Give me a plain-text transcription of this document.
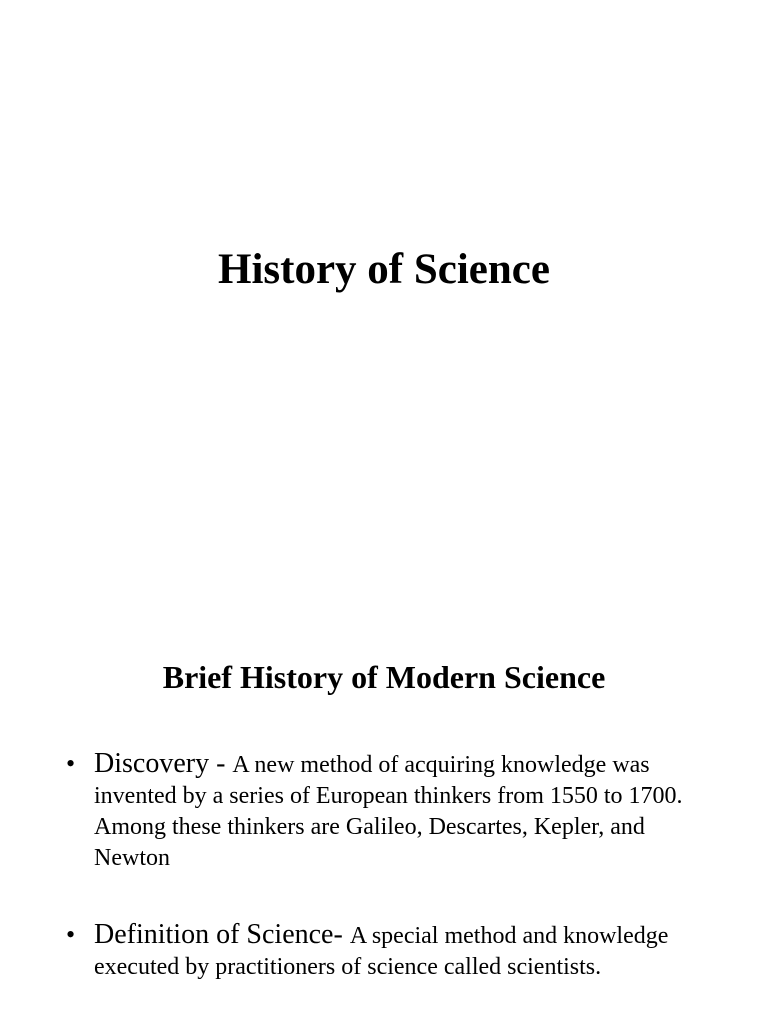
History of Science
Brief History of Modern Science
• Discovery - A new method of acquiring knowledge was invented by a series of European thinkers from 1550 to 1700. Among these thinkers are Galileo, Descartes, Kepler, and Newton
• Definition of Science- A special method and knowledge executed by practitioners of science called scientists.
